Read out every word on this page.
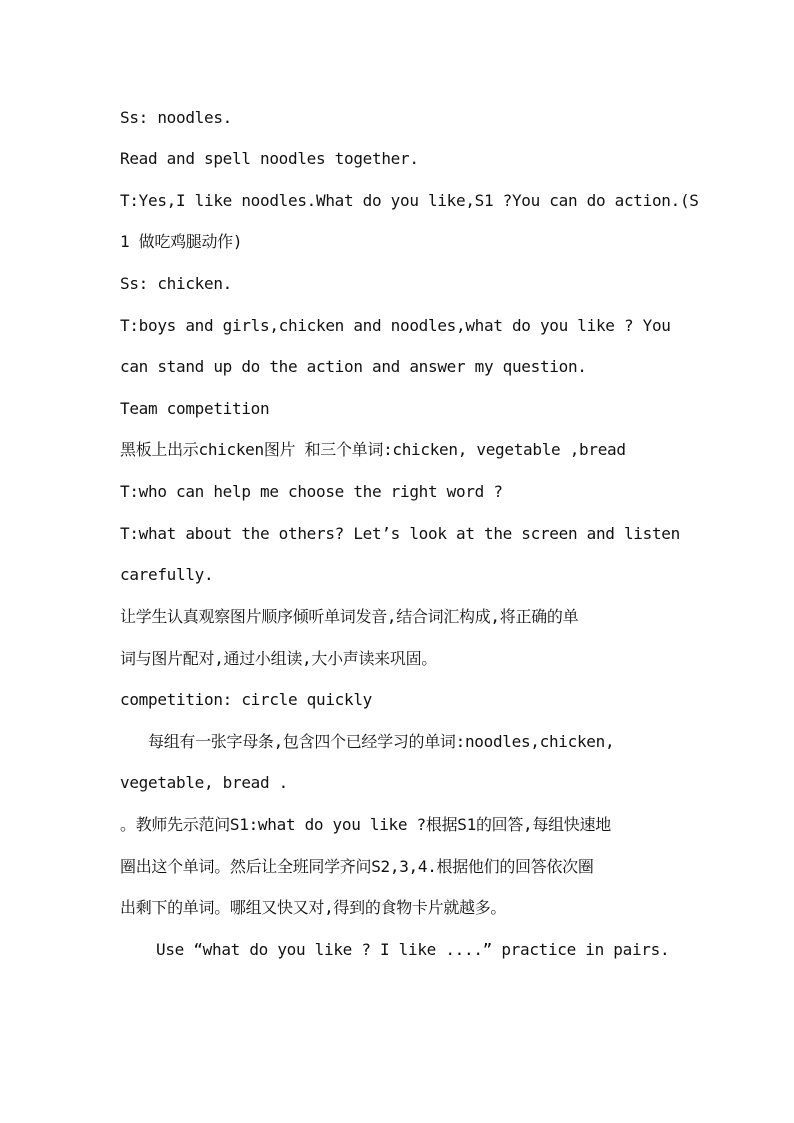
Ss: noodles.
Read and spell noodles together.
T:Yes,I like noodles.What do you like,S1 ?You can do action.(S
1 做吃鸡腿动作)
Ss: chicken.
T:boys and girls,chicken and noodles,what do you like ? You
can stand up do the action and answer my question.
Team competition
黑板上出示chicken图片 和三个单词:chicken, vegetable ,bread
T:who can help me choose the right word ?
T:what about the others? Let’s look at the screen and listen
carefully.
让学生认真观察图片顺序倾听单词发音,结合词汇构成,将正确的单
词与图片配对,通过小组读,大小声读来巩固。
competition: circle quickly
每组有一张字母条,包含四个已经学习的单词:noodles,chicken,
vegetable, bread .
。教师先示范问S1:what do you like ?根据S1的回答,每组快速地
圈出这个单词。然后让全班同学齐问S2,3,4.根据他们的回答依次圈
出剩下的单词。哪组又快又对,得到的食物卡片就越多。
Use “what do you like ? I like ....” practice in pairs.
